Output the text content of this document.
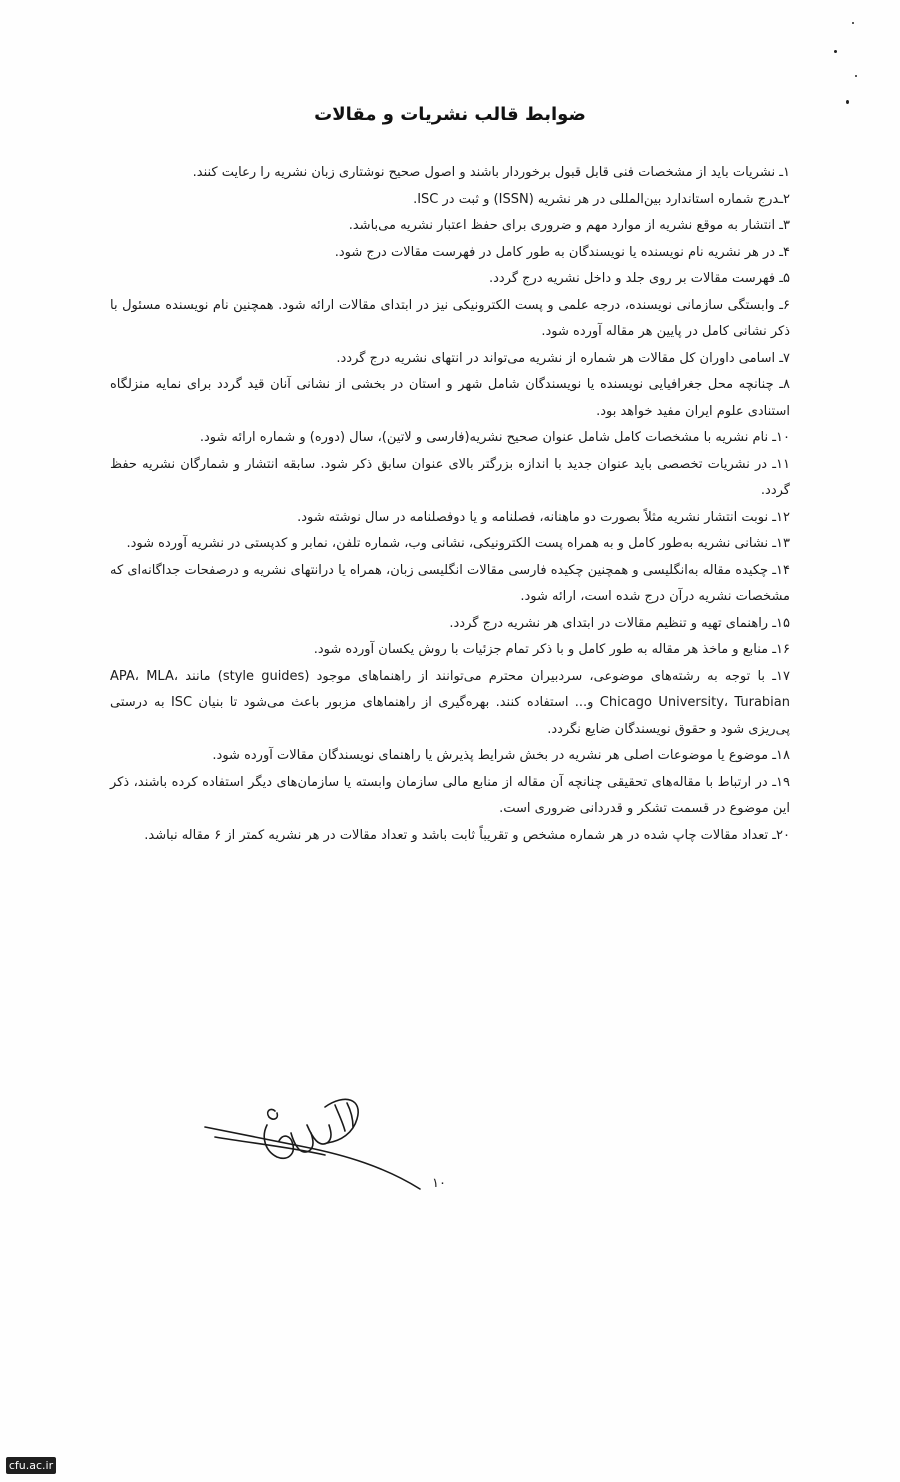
ضوابط قالب نشریات و مقالات

۱ـ نشریات باید از مشخصات فنی قابل قبول برخوردار باشند و اصول صحیح نوشتاری زبان نشریه را رعایت کنند.

۲ـدرج شماره استاندارد بین‌المللی در هر نشریه (ISSN) و ثبت در ISC.

۳ـ انتشار به موقع نشریه از موارد مهم و ضروری برای حفظ اعتبار نشریه می‌باشد.

۴ـ در هر نشریه نام نویسنده یا نویسندگان به طور کامل در فهرست مقالات درج شود.

۵ـ فهرست مقالات بر روی جلد و داخل نشریه درج گردد.

۶ـ وابستگی سازمانی نویسنده، درجه علمی و پست الکترونیکی نیز در ابتدای مقالات ارائه شود. همچنین نام نویسنده مسئول با ذکر نشانی کامل در پایین هر مقاله آورده شود.

۷ـ اسامی داوران کل مقالات هر شماره از نشریه می‌تواند در انتهای نشریه درج گردد.

۸ـ چنانچه محل جغرافیایی نویسنده یا نویسندگان شامل شهر و استان در بخشی از نشانی آنان قید گردد برای نمایه منزلگاه استنادی علوم ایران مفید خواهد بود.

۱۰ـ نام نشریه با مشخصات کامل شامل عنوان صحیح نشریه(فارسی و لاتین)، سال (دوره) و شماره ارائه شود.

۱۱ـ در نشریات تخصصی باید عنوان جدید با اندازه بزرگتر بالای عنوان سابق ذکر شود. سابقه انتشار و شمارگان نشریه حفظ گردد.

۱۲ـ نوبت انتشار نشریه مثلاً بصورت دو ماهنانه، فصلنامه و یا دوفصلنامه در سال نوشته شود.

۱۳ـ نشانی نشریه به‌طور کامل و به همراه پست الکترونیکی، نشانی وب، شماره تلفن، نمابر و کدپستی در نشریه آورده شود.

۱۴ـ چکیده مقاله به‌انگلیسی و همچنین چکیده فارسی مقالات انگلیسی زبان، همراه یا درانتهای نشریه و درصفحات جداگانه‌ای که مشخصات نشریه درآن درج شده است، ارائه شود.

۱۵ـ راهنمای تهیه و تنظیم مقالات در ابتدای هر نشریه درج گردد.

۱۶ـ منابع و ماخذ هر مقاله به طور کامل و با ذکر تمام جزئیات با روش یکسان آورده شود.

۱۷ـ با توجه به رشته‌های موضوعی، سردبیران محترم می‌توانند از راهنماهای موجود (style guides) مانند APA، MLA، Chicago University، Turabian و... استفاده کنند. بهره‌گیری از راهنماهای مزبور باعث می‌شود تا بنیان ISC به درستی پی‌ریزی شود و حقوق نویسندگان ضایع نگردد.

۱۸ـ موضوع یا موضوعات اصلی هر نشریه در بخش شرایط پذیرش یا راهنمای نویسندگان مقالات آورده شود.

۱۹ـ در ارتباط با مقاله‌های تحقیقی چنانچه آن مقاله از منابع مالی سازمان وابسته یا سازمان‌های دیگر استفاده کرده باشند، ذکر این موضوع در قسمت تشکر و قدردانی ضروری است.

۲۰ـ تعداد مقالات چاپ شده در هر شماره مشخص و تقریباً ثابت باشد و تعداد مقالات در هر نشریه کمتر از ۶ مقاله نباشد.

۱۰
cfu.ac.ir
